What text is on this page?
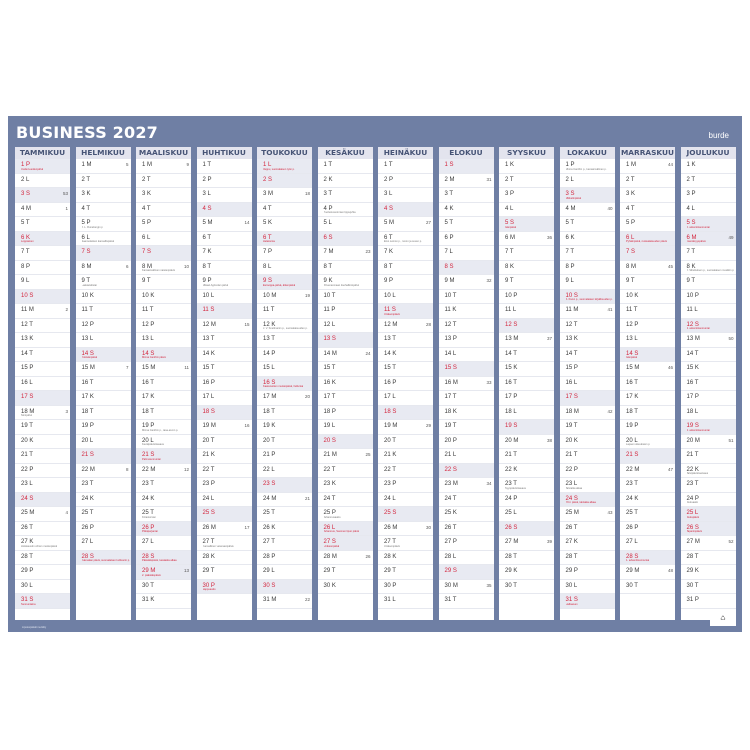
BUSINESS 2027	burde
TAMMIKUU
1 P
Uudenvuodenpäivä
2 L
3 S	53
4 M	1
5 T
6 K
Loppiainen
7 T
8 P
9 L
10 S
11 M	2
12 T
13 K
14 T
15 P
16 L
17 S
18 M	3
Nimipäivä
19 T
20 K
21 T
22 P
23 L
24 S
25 M	4
26 T
27 K
Holokaustin uhrien muistopäivä
28 T
29 P
30 L
31 S
Sunnuntaina
HELMIKUU
1 M	5
2 T
3 K
4 T
5 P
J. L. Runebergin p.
6 L
Saamelaisten kansallispäivä
7 S
8 M	6
9 T
Laskiaistiistai
10 K
11 T
12 P
13 L
14 S
Ystävänpäivä
15 M	7
16 T
17 K
18 T
19 P
20 L
21 S
22 M	8
23 T
24 K
25 T
26 P
27 L
28 S
Kalevalan päivä, suomalaisen kulttuurin p.
MAALISKUU
1 M	9
2 T
3 K
4 T
5 P
6 L
7 S
8 M	10
Kansainvälinen naistenpäivä
9 T
10 K
11 T
12 P
13 L
14 S
Minna Canthin päivä
15 M	11
16 T
17 K
18 T
19 P
Minna Canthin p., tasa-arvon p.
20 L
Kevätpäiväntasaus
21 S
Palmusunnuntai
22 M	12
23 T
24 K
25 T
Kiirastorstai
26 P
Pitkäperjantai
27 L
28 S
Pääsiäispäivä, kesäaika alkaa
29 M	13
2. pääsiäispäivä
30 T
31 K
HUHTIKUU
1 T
2 P
3 L
4 S
5 M	14
6 T
7 K
8 T
9 P
Mikael Agricolan päivä
10 L
11 S
12 M	15
13 T
14 K
15 T
16 P
17 L
18 S
19 M	16
20 T
21 K
22 T
23 P
24 L
25 S
26 M	17
27 T
Kansallinen veteraanipäivä
28 K
29 T
30 P
Vappuaatto
TOUKOKUU
1 L
Vappu, suomalaisen työn p.
2 S
3 M	18
4 T
5 K
6 T
Helatorstai
7 P
8 L
9 S
Eurooppa-päivä, äitienpäivä
10 M	19
11 T
12 K
J. V. Snellmanin p., suomalaisuuden p.
13 T
14 P
15 L
16 S
Kaatuneitten muistopäivä, helluntai
17 M	20
18 T
19 K
20 T
21 P
22 L
23 S
24 M	21
25 T
26 K
27 T
28 P
29 L
30 S
31 M	22
KESÄKUU
1 T
2 K
3 T
4 P
Puolustusvoimien lippujuhla
5 L
6 S
7 M	23
8 T
9 K
Ahvenanmaan itsehallintopäivä
10 T
11 P
12 L
13 S
14 M	24
15 T
16 K
17 T
18 P
19 L
20 S
21 M	25
22 T
23 K
24 T
25 P
Juhannusaatto
26 L
Juhannus, Suomen lipun päivä
27 S
Unikeonpäivä
28 M	26
29 T
30 K
HEINÄKUU
1 T
2 P
3 L
4 S
5 M	27
6 T
Eino Leinon p., runon ja suven p.
7 K
8 T
9 P
10 L
11 S
Unikeonpäivä
12 M	28
13 T
14 K
15 T
16 P
17 L
18 S
19 M	29
20 T
21 K
22 T
23 P
24 L
25 S
26 M	30
27 T
Unikeonpäivä
28 K
29 T
30 P
31 L
ELOKUU
1 S
2 M	31
3 T
4 K
5 T
6 P
7 L
8 S
9 M	32
10 T
11 K
12 T
13 P
14 L
15 S
16 M	33
17 T
18 K
19 T
20 P
21 L
22 S
23 M	34
24 T
25 K
26 T
27 P
28 L
29 S
30 M	35
31 T
SYYSKUU
1 K
2 T
3 P
4 L
5 S
Isänpäivä
6 M	36
7 T
8 K
9 T
10 P
11 L
12 S
13 M	37
14 T
15 K
16 T
17 P
18 L
19 S
20 M	38
21 T
22 K
23 T
Syyspäiväntasaus
24 P
25 L
26 S
27 M	39
28 T
29 K
30 T
LOKAKUU
1 P
Minna Canthin p., kansainvälinen p.
2 L
3 S
Mikkelinpäivä
4 M	40
5 T
6 K
7 T
8 P
9 L
10 S
A. Kiven p., suomalaisen kirjallisuuden p.
11 M	41
12 T
13 K
14 T
15 P
16 L
17 S
18 M	42
19 T
20 K
21 T
22 P
23 L
Talviaika alkaa
24 S
YK:n päivä, talviaika alkaa
25 M	43
26 T
27 K
28 T
29 P
30 L
31 S
Halloween
MARRASKUU
1 M	44
2 T
3 K
4 T
5 P
6 L
Pyhäinpäivä, ruotsalaisuuden päivä
7 S
8 M	45
9 T
10 K
11 T
12 P
13 L
14 S
Isänpäivä
15 M	46
16 T
17 K
18 T
19 P
20 L
Lapsen oikeuksien p.
21 S
22 M	47
23 T
24 K
25 T
26 P
27 L
28 S
1. adventtisunnuntai
29 M	48
30 T
JOULUKUU
1 K
2 T
3 P
4 L
5 S
2. adventtisunnuntai
6 M	49
Itsenäisyyspäivä
7 T
8 K
J. Sibeliuksen p., suomalaisen musiikin p.
9 T
10 P
11 L
12 S
3. adventtisunnuntai
13 M	50
14 T
15 K
16 T
17 P
18 L
19 S
4. adventtisunnuntai
20 M	51
21 T
22 K
Talvipäivänseisaus
23 T
24 P
Jouluaatto
25 L
Joulupäivä
26 S
Tapaninpäivä
27 M	52
28 T
29 K
30 T
31 P
Liputuspäivät merkitty
♺
